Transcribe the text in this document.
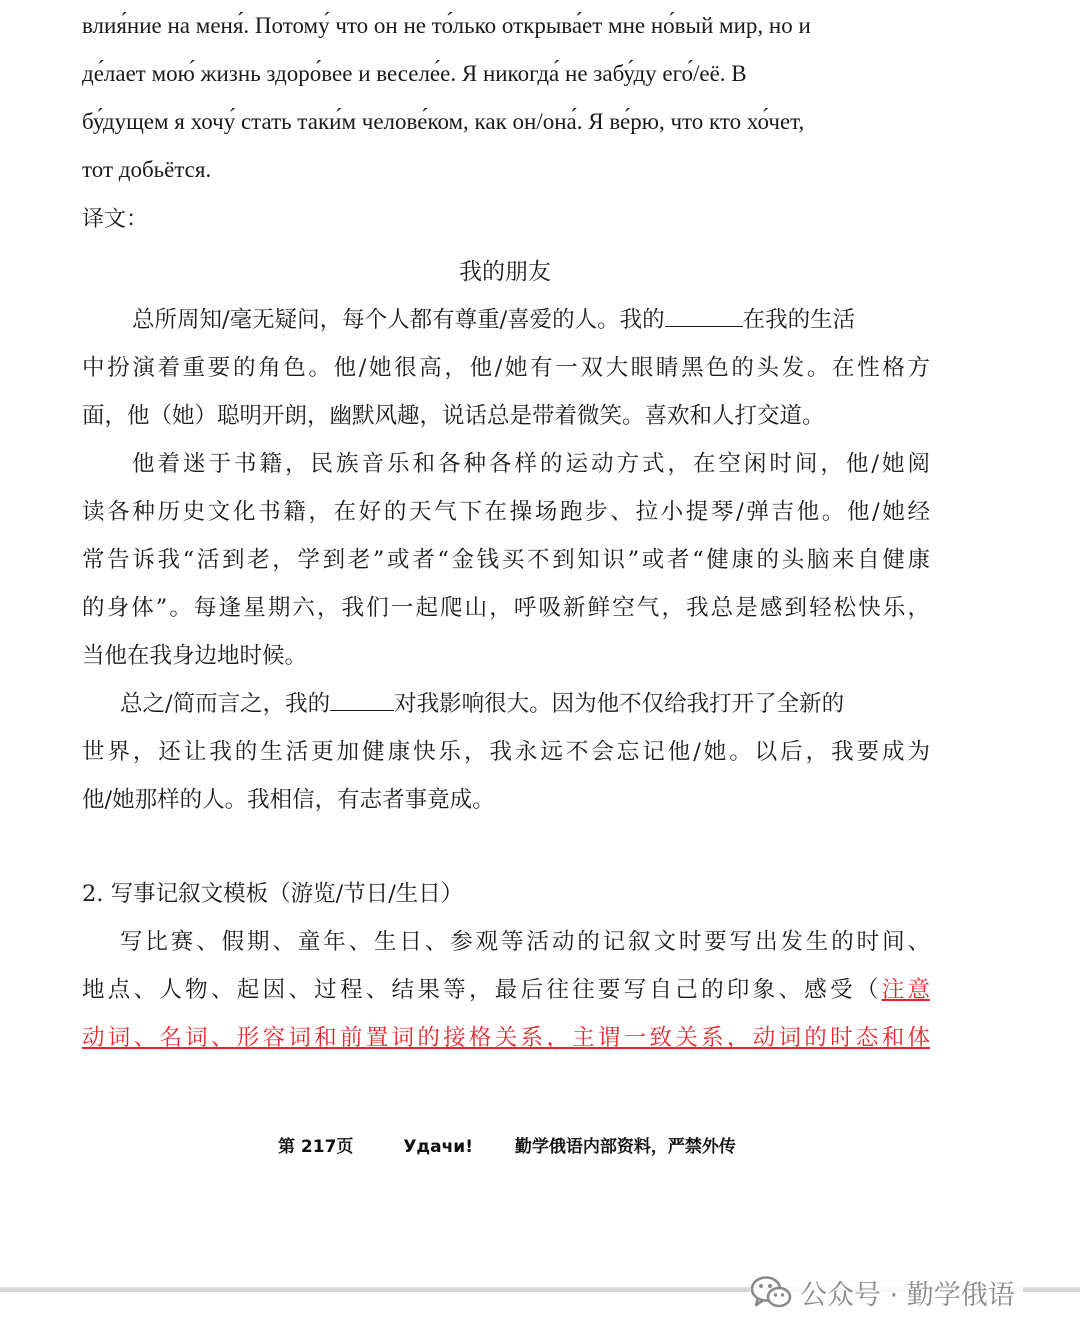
влия́ние на меня́. Потому́ что он не то́лько открыва́ет мне но́вый мир, но и
де́лает мою́ жизнь здоро́вее и веселе́е. Я никогда́ не забу́ду его́/её. В
бу́дущем я хочу́ стать таки́м челове́ком, как он/она́. Я ве́рю, что кто хо́чет,
тот добьётся.
译文：
我的朋友
总所周知/毫无疑问，每个人都有尊重/喜爱的人。我的	在我的生活
中扮演着重要的角色。他/她很高，他/她有一双大眼睛黑色的头发。在性格方
面，他（她）聪明开朗，幽默风趣，说话总是带着微笑。喜欢和人打交道。
他着迷于书籍，民族音乐和各种各样的运动方式，在空闲时间，他/她阅
读各种历史文化书籍，在好的天气下在操场跑步、拉小提琴/弹吉他。他/她经
常告诉我“活到老，学到老”或者“金钱买不到知识”或者“健康的头脑来自健康
的身体”。每逢星期六，我们一起爬山，呼吸新鲜空气，我总是感到轻松快乐，
当他在我身边地时候。
总之/简而言之，我的	对我影响很大。因为他不仅给我打开了全新的
世界，还让我的生活更加健康快乐，我永远不会忘记他/她。以后，我要成为
他/她那样的人。我相信，有志者事竟成。
2. 写事记叙文模板（游览/节日/生日）
写比赛、假期、童年、生日、参观等活动的记叙文时要写出发生的时间、
地点、人物、起因、过程、结果等，最后往往要写自己的印象、感受（注意
动词、名词、形容词和前置词的接格关系，主谓一致关系，动词的时态和体
第 217页	Удачи! 勤学俄语内部资料，严禁外传
公众号 · 勤学俄语
